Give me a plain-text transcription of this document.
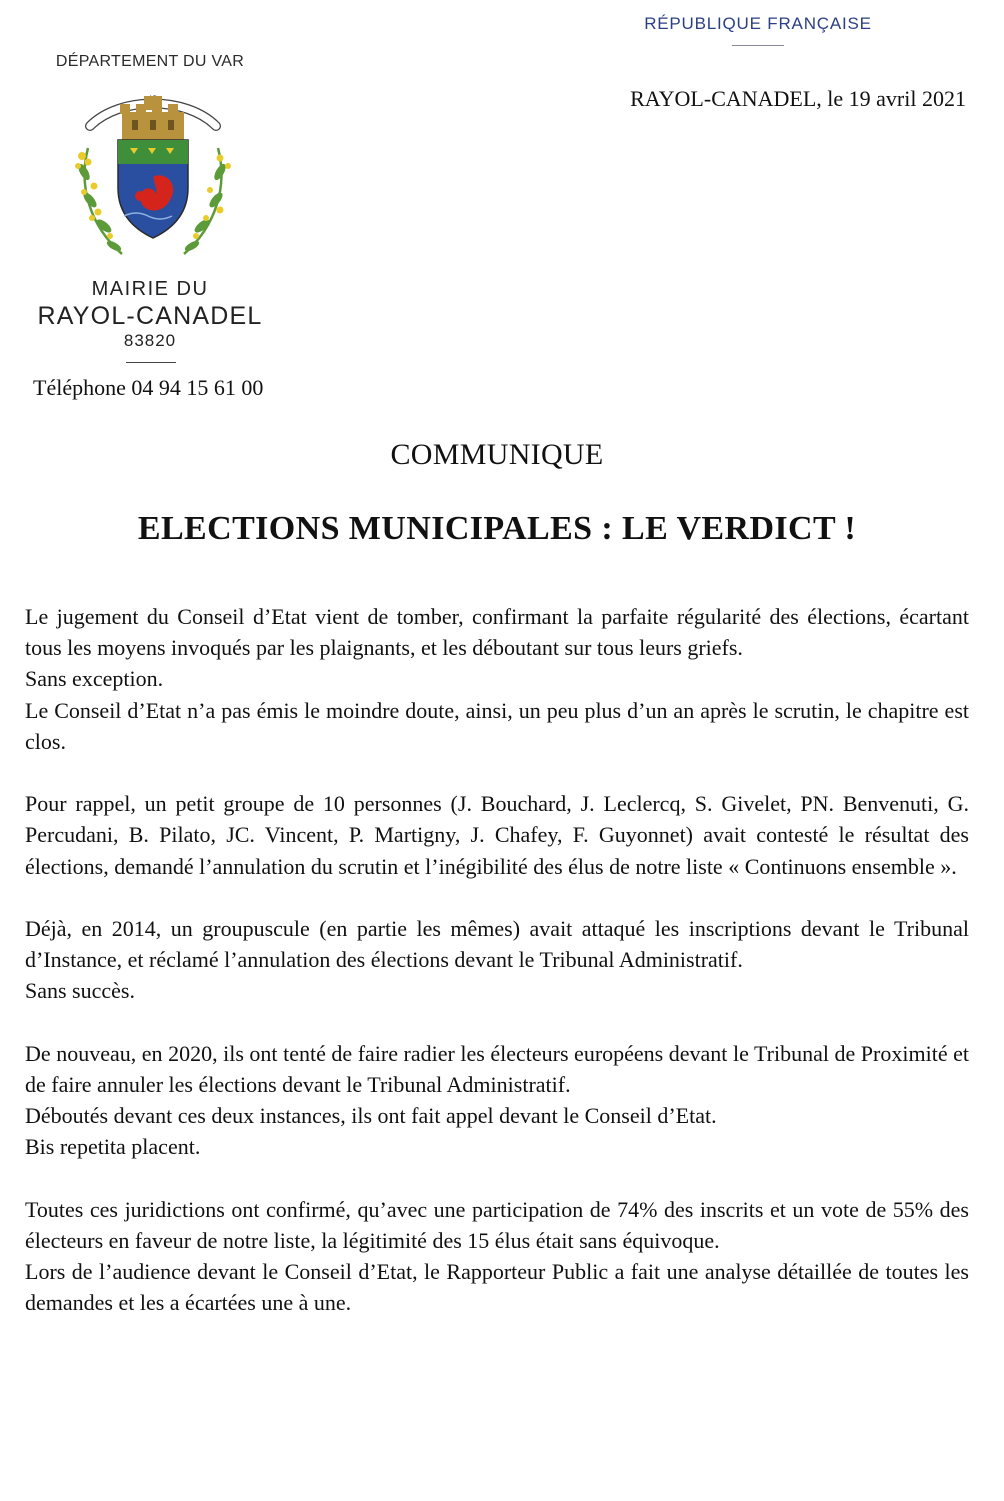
RÉPUBLIQUE FRANÇAISE
RAYOL-CANADEL, le 19 avril 2021
DÉPARTEMENT DU VAR
MAIRIE DU
RAYOL-CANADEL
83820
Téléphone 04 94 15 61 00
COMMUNIQUE
ELECTIONS MUNICIPALES : LE VERDICT !

Le jugement du Conseil d’Etat vient de tomber, confirmant la parfaite régularité des élections, écartant tous les moyens invoqués par les plaignants, et les déboutant sur tous leurs griefs.

Sans exception.

Le Conseil d’Etat n’a pas émis le moindre doute, ainsi, un peu plus d’un an après le scrutin, le chapitre est clos.

Pour rappel, un petit groupe de 10 personnes (J. Bouchard, J. Leclercq, S. Givelet, PN. Benvenuti, G. Percudani, B. Pilato, JC. Vincent, P. Martigny, J. Chafey, F. Guyonnet) avait contesté le résultat des élections, demandé l’annulation du scrutin et l’inégibilité des élus de notre liste « Continuons ensemble ».

Déjà, en 2014, un groupuscule (en partie les mêmes) avait attaqué les inscriptions devant le Tribunal d’Instance, et réclamé l’annulation des élections devant le Tribunal Administratif.

Sans succès.

De nouveau, en 2020, ils ont tenté de faire radier les électeurs européens devant le Tribunal de Proximité et de faire annuler les élections devant le Tribunal Administratif.

Déboutés devant ces deux instances, ils ont fait appel devant le Conseil d’Etat.

Bis repetita placent.

Toutes ces juridictions ont confirmé, qu’avec une participation de 74% des inscrits et un vote de 55% des électeurs en faveur de notre liste, la légitimité des 15 élus était sans équivoque.

Lors de l’audience devant le Conseil d’Etat, le Rapporteur Public a fait une analyse détaillée de toutes les demandes et les a écartées une à une.
